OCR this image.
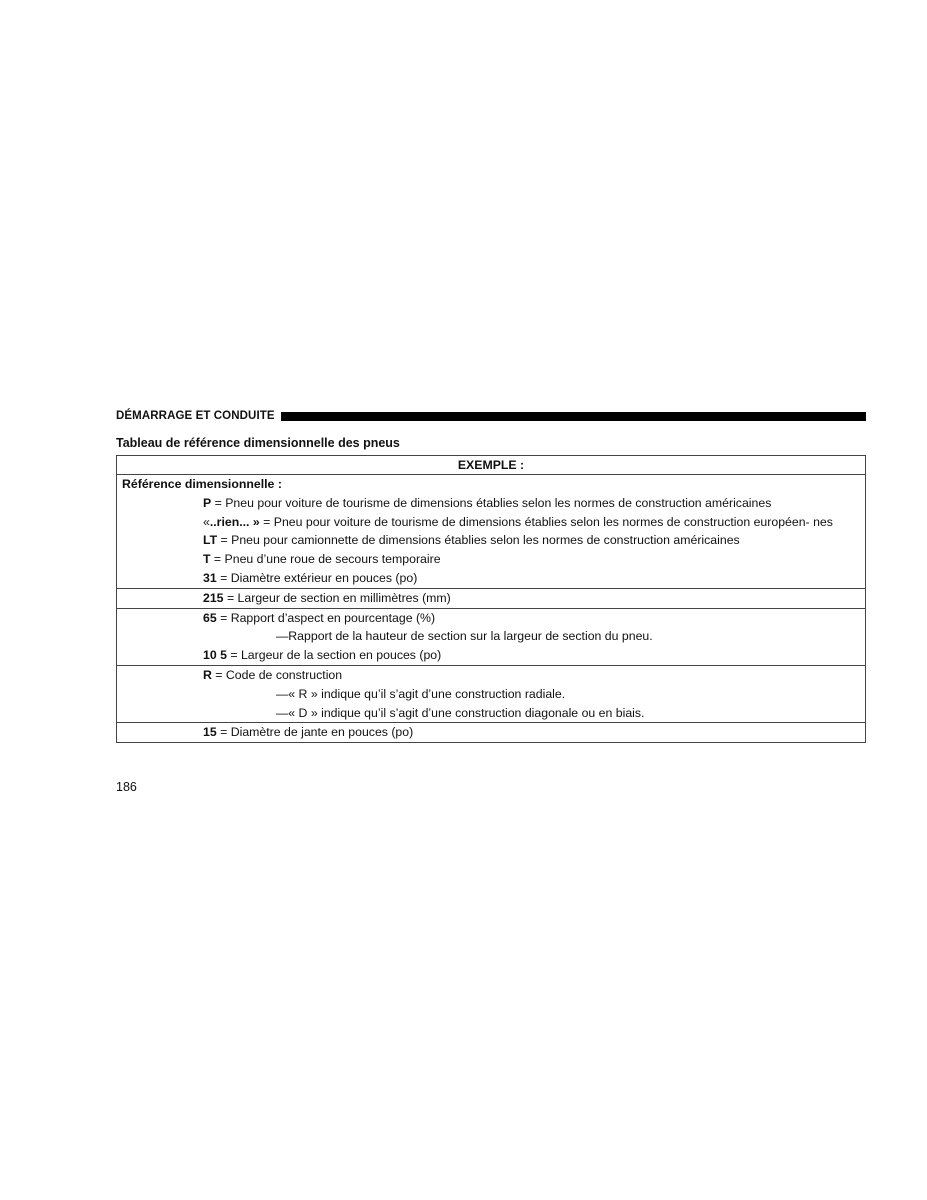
DÉMARRAGE ET CONDUITE
Tableau de référence dimensionnelle des pneus
EXEMPLE :

Référence dimensionnelle :
P = Pneu pour voiture de tourisme de dimensions établies selon les normes de construction américaines
«..rien... » = Pneu pour voiture de tourisme de dimensions établies selon les normes de construction européen- nes
LT = Pneu pour camionnette de dimensions établies selon les normes de construction américaines
T = Pneu d’une roue de secours temporaire
31 = Diamètre extérieur en pouces (po)

215 = Largeur de section en millimètres (mm)

65 = Rapport d’aspect en pourcentage (%)
—Rapport de la hauteur de section sur la largeur de section du pneu.
10 5 = Largeur de la section en pouces (po)

R = Code de construction
—« R » indique qu’il s’agit d’une construction radiale.
—« D » indique qu’il s’agit d’une construction diagonale ou en biais.

15 = Diamètre de jante en pouces (po)
186
